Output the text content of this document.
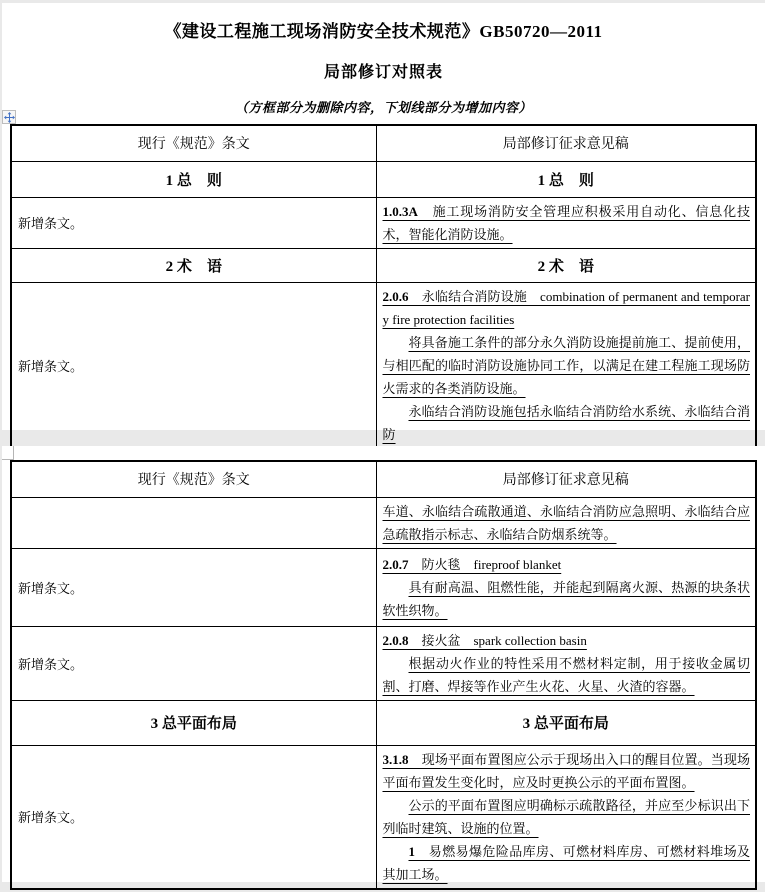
《建设工程施工现场消防安全技术规范》GB50720—2011
局部修订对照表
（方框部分为删除内容，下划线部分为增加内容）
现行《规范》条文	局部修订征求意见稿
1 总　则	1 总　则
新增条文。	1.0.3A　施工现场消防安全管理应积极采用自动化、信息化技术，智能化消防设施。

2 术　语	2 术　语
新增条文。	2.0.6　永临结合消防设施　combination of permanent and temporary fire protection facilities
将具备施工条件的部分永久消防设施提前施工、提前使用，与相匹配的临时消防设施协同工作，以满足在建工程施工现场防火需求的各类消防设施。
永临结合消防设施包括永临结合消防给水系统、永临结合消防
现行《规范》条文	局部修订征求意见稿

	车道、永临结合疏散通道、永临结合消防应急照明、永临结合应急疏散指示标志、永临结合防烟系统等。

新增条文。	2.0.7　防火毯　fireproof blanket
具有耐高温、阻燃性能，并能起到隔离火源、热源的块条状软性织物。

新增条文。	2.0.8　接火盆　spark collection basin
根据动火作业的特性采用不燃材料定制，用于接收金属切割、打磨、焊接等作业产生火花、火星、火渣的容器。

3 总平面布局	3 总平面布局
新增条文。	3.1.8　现场平面布置图应公示于现场出入口的醒目位置。当现场平面布置发生变化时，应及时更换公示的平面布置图。
公示的平面布置图应明确标示疏散路径，并应至少标识出下列临时建筑、设施的位置。
1　易燃易爆危险品库房、可燃材料库房、可燃材料堆场及其加工场。
